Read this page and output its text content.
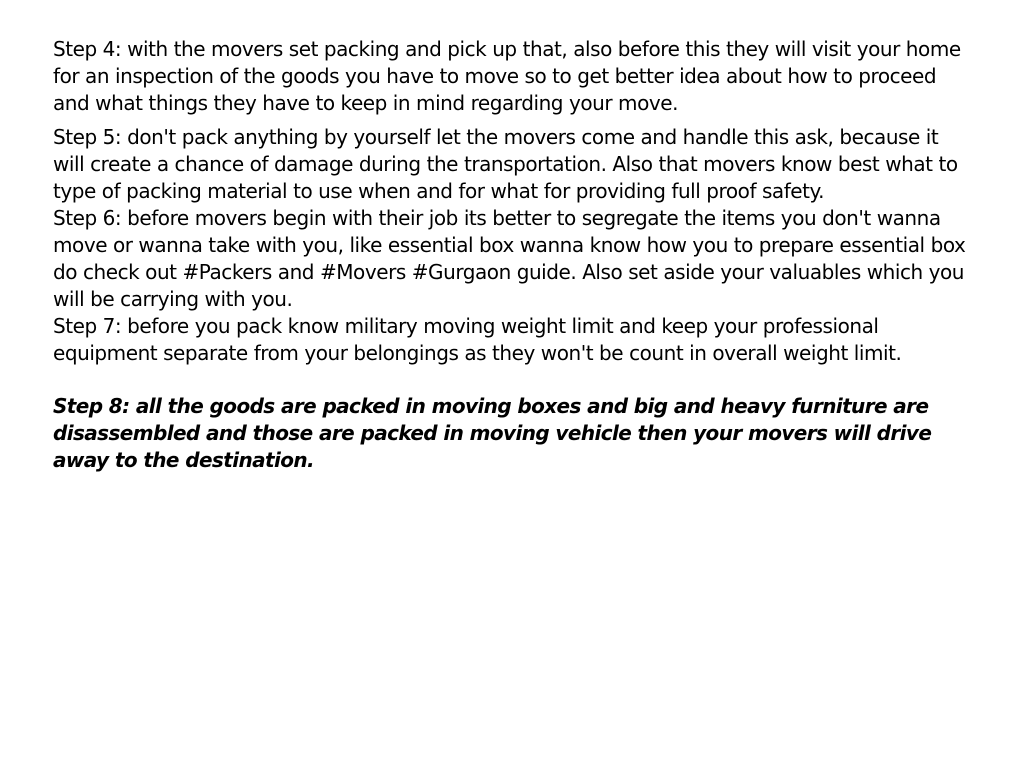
Step 4: with the movers set packing and pick up that, also before this they will visit your home for an inspection of the goods you have to move so to get better idea about how to proceed and what things they have to keep in mind regarding your move.

Step 5: don't pack anything by yourself let the movers come and handle this ask, because it will create a chance of damage during the transportation. Also that movers know best what to type of packing material to use when and for what for providing full proof safety.

Step 6: before movers begin with their job its better to segregate the items you don't wanna move or wanna take with you, like essential box wanna know how you to prepare essential box do check out #Packers and #Movers #Gurgaon guide. Also set aside your valuables which you will be carrying with you.

Step 7: before you pack know military moving weight limit and keep your professional equipment separate from your belongings as they won't be count in overall weight limit.

Step 8: all the goods are packed in moving boxes and big and heavy furniture are disassembled and those are packed in moving vehicle then your movers will drive away to the destination.
